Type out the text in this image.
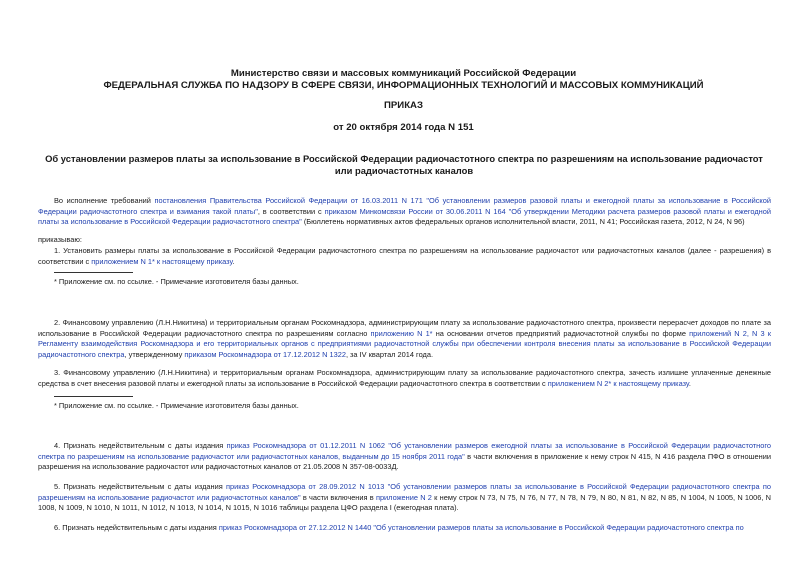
Министерство связи и массовых коммуникаций Российской Федерации
ФЕДЕРАЛЬНАЯ СЛУЖБА ПО НАДЗОРУ В СФЕРЕ СВЯЗИ, ИНФОРМАЦИОННЫХ ТЕХНОЛОГИЙ И МАССОВЫХ КОММУНИКАЦИЙ
ПРИКАЗ
от 20 октября 2014 года N 151
Об установлении размеров платы за использование в Российской Федерации радиочастотного спектра по разрешениям на использование радиочастот или радиочастотных каналов
Во исполнение требований постановления Правительства Российской Федерации от 16.03.2011 N 171 "Об установлении размеров разовой платы и ежегодной платы за использование в Российской Федерации радиочастотного спектра и взимания такой платы", в соответствии с приказом Минкомсвязи России от 30.06.2011 N 164 "Об утверждении Методики расчета размеров разовой платы и ежегодной платы за использование в Российской Федерации радиочастотного спектра" (Бюллетень нормативных актов федеральных органов исполнительной власти, 2011, N 41; Российская газета, 2012, N 24, N 96)
приказываю:
1. Установить размеры платы за использование в Российской Федерации радиочастотного спектра по разрешениям на использование радиочастот или радиочастотных каналов (далее - разрешения) в соответствии с приложением N 1* к настоящему приказу.
* Приложение см. по ссылке. - Примечание изготовителя базы данных.
2. Финансовому управлению (Л.Н.Никитина) и территориальным органам Роскомнадзора, администрирующим плату за использование радиочастотного спектра, произвести перерасчет доходов по плате за использование в Российской Федерации радиочастотного спектра по разрешениям согласно приложению N 1* на основании отчетов предприятий радиочастотной службы по форме приложений N 2, N 3 к Регламенту взаимодействия Роскомнадзора и его территориальных органов с предприятиями радиочастотной службы при обеспечении контроля внесения платы за использование в Российской Федерации радиочастотного спектра, утвержденному приказом Роскомнадзора от 17.12.2012 N 1322, за IV квартал 2014 года.
3. Финансовому управлению (Л.Н.Никитина) и территориальным органам Роскомнадзора, администрирующим плату за использование радиочастотного спектра, зачесть излишне уплаченные денежные средства в счет внесения разовой платы и ежегодной платы за использование в Российской Федерации радиочастотного спектра в соответствии с приложением N 2* к настоящему приказу.
* Приложение см. по ссылке. - Примечание изготовителя базы данных.
4. Признать недействительным с даты издания приказ Роскомнадзора от 01.12.2011 N 1062 "Об установлении размеров ежегодной платы за использование в Российской Федерации радиочастотного спектра по разрешениям на использование радиочастот или радиочастотных каналов, выданным до 15 ноября 2011 года" в части включения в приложение к нему строк N 415, N 416 раздела ПФО в отношении разрешения на использование радиочастот или радиочастотных каналов от 21.05.2008 N 357-08-0033Д.
5. Признать недействительным с даты издания приказ Роскомнадзора от 28.09.2012 N 1013 "Об установлении размеров платы за использование в Российской Федерации радиочастотного спектра по разрешениям на использование радиочастот или радиочастотных каналов" в части включения в приложение N 2 к нему строк N 73, N 75, N 76, N 77, N 78, N 79, N 80, N 81, N 82, N 85, N 1004, N 1005, N 1006, N 1008, N 1009, N 1010, N 1011, N 1012, N 1013, N 1014, N 1015, N 1016 таблицы раздела ЦФО раздела I (ежегодная плата).
6. Признать недействительным с даты издания приказ Роскомнадзора от 27.12.2012 N 1440 "Об установлении размеров платы за использование в Российской Федерации радиочастотного спектра по
